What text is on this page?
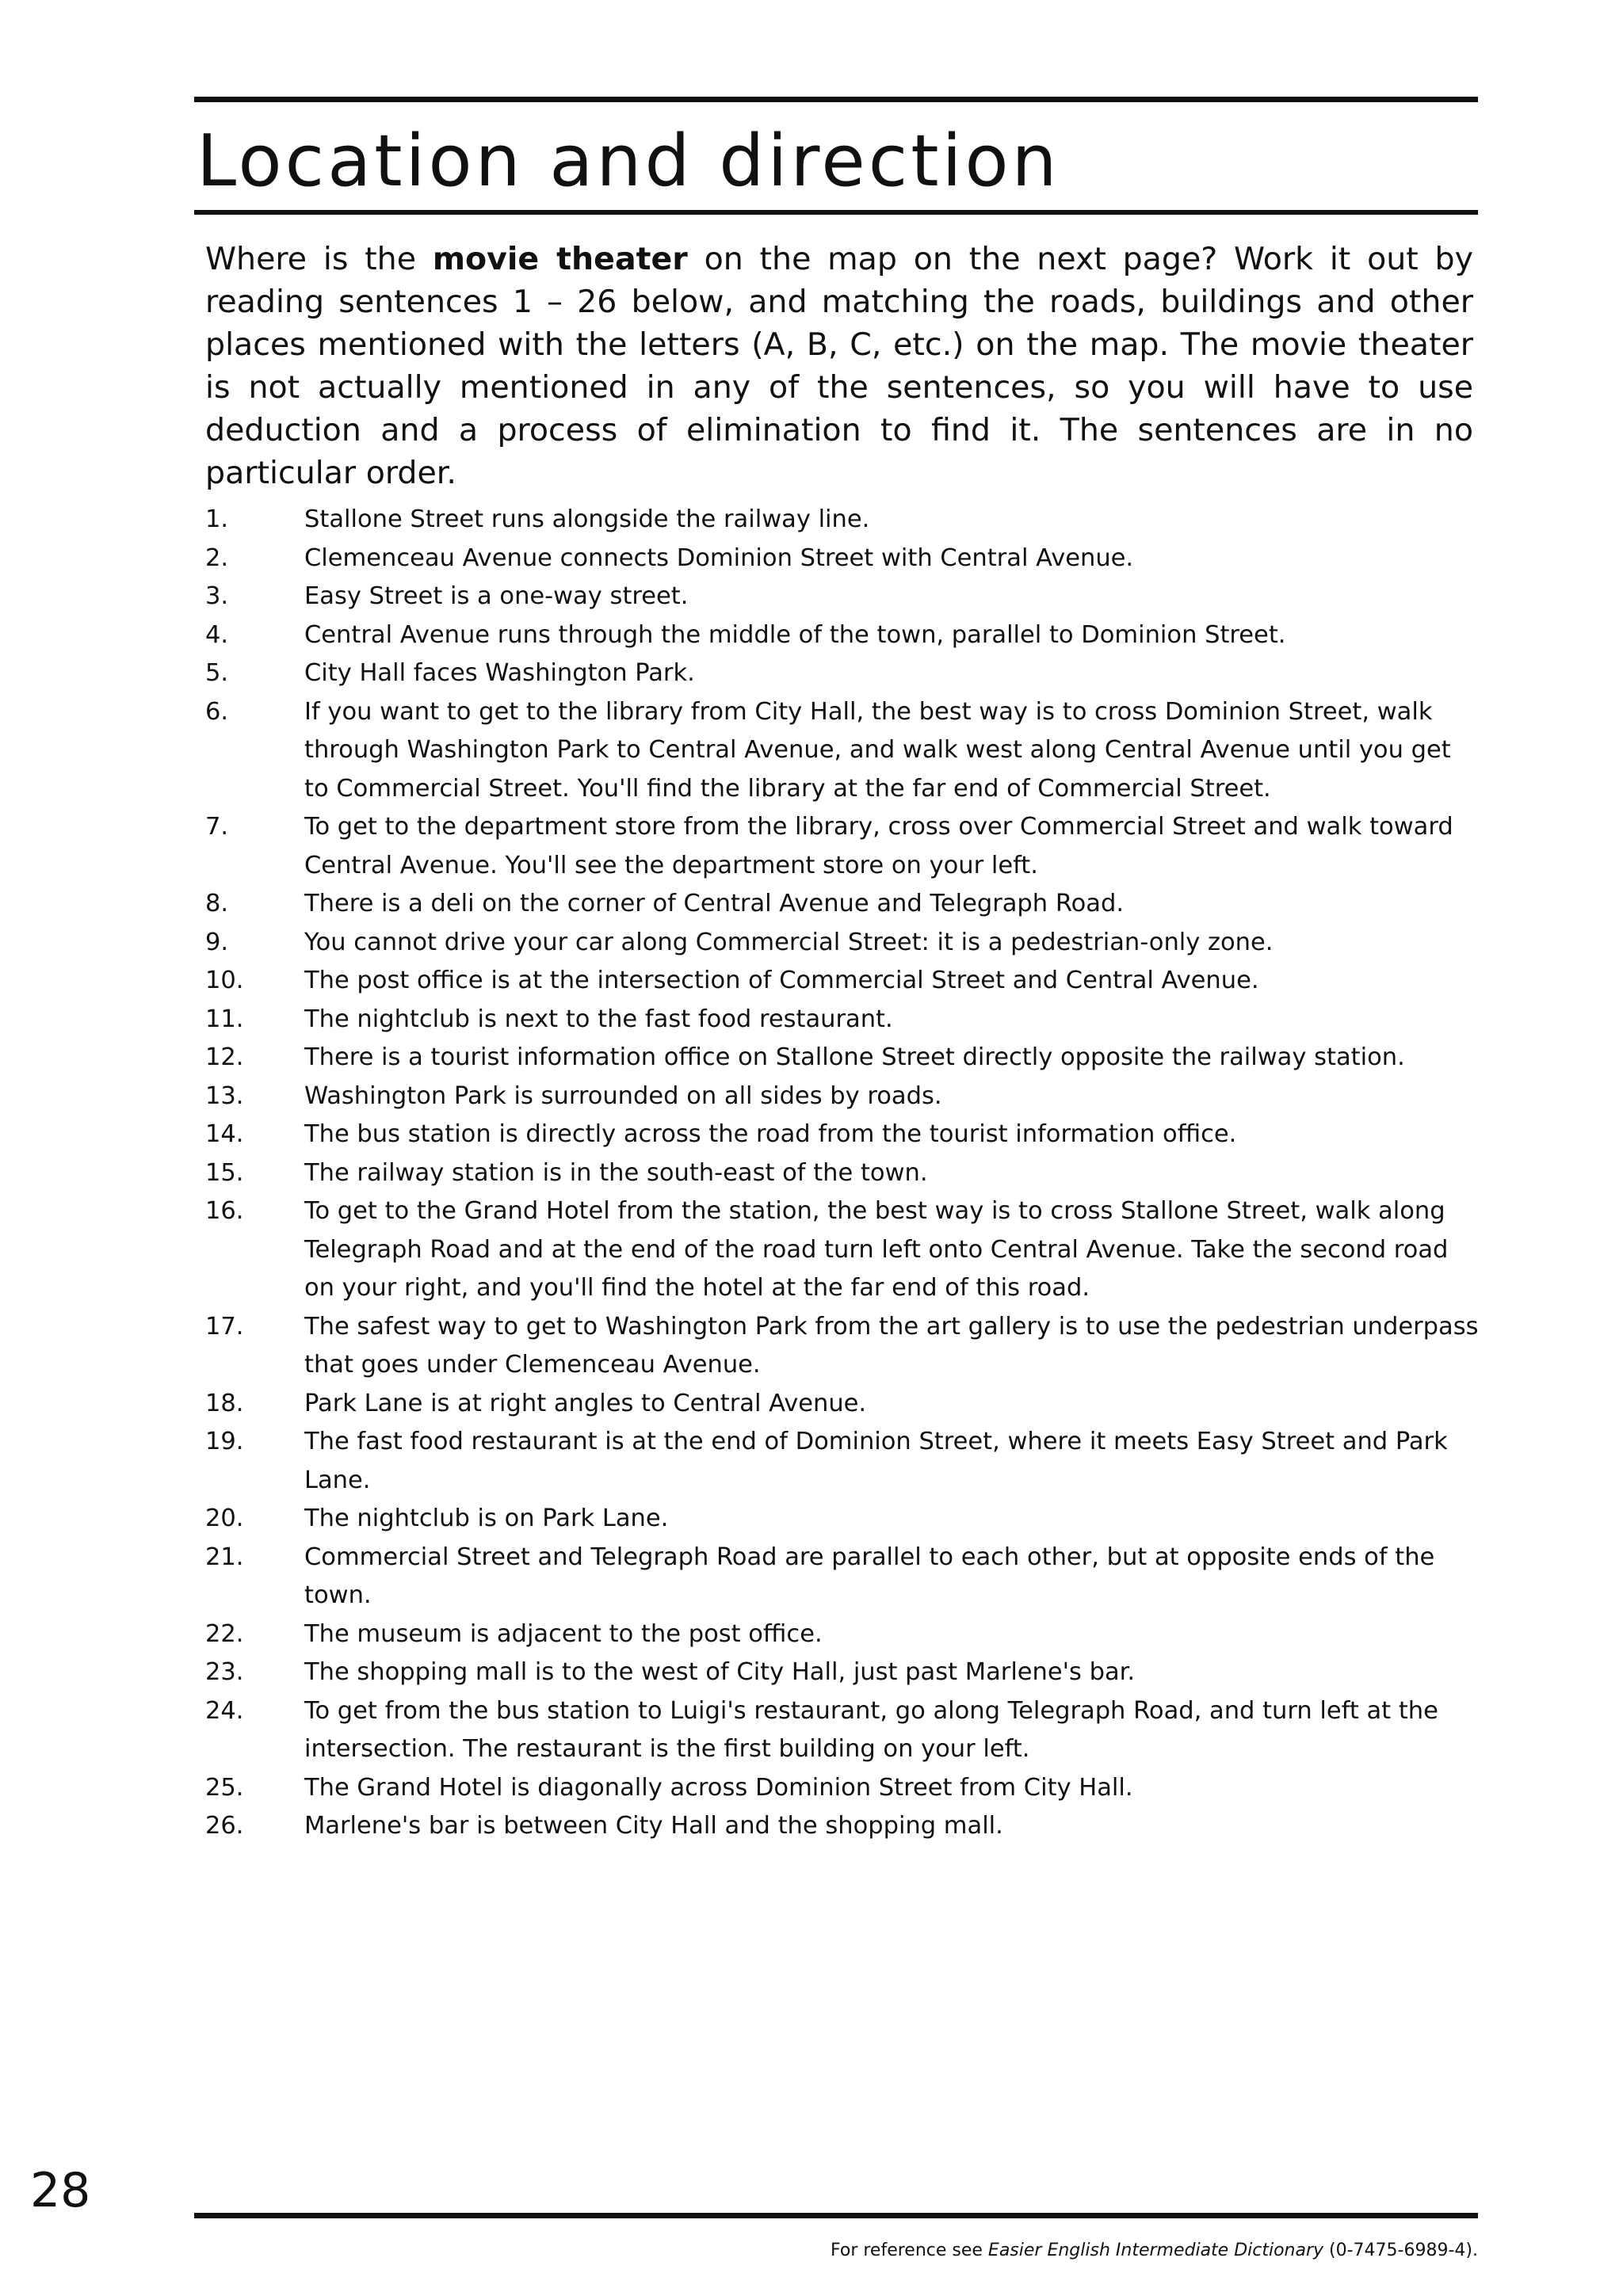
Location and direction

Where is the movie theater on the map on the next page? Work it out by reading sentences 1 – 26 below, and matching the roads, buildings and other places mentioned with the letters (A, B, C, etc.) on the map. The movie theater is not actually mentioned in any of the sentences, so you will have to use deduction and a process of elimination to find it. The sentences are in no particular order.

1.	Stallone Street runs alongside the railway line.
2.	Clemenceau Avenue connects Dominion Street with Central Avenue.
3.	Easy Street is a one-way street.
4.	Central Avenue runs through the middle of the town, parallel to Dominion Street.
5.	City Hall faces Washington Park.
6.	If you want to get to the library from City Hall, the best way is to cross Dominion Street, walk through Washington Park to Central Avenue, and walk west along Central Avenue until you get to Commercial Street. You'll find the library at the far end of Commercial Street.
7.	To get to the department store from the library, cross over Commercial Street and walk toward Central Avenue. You'll see the department store on your left.
8.	There is a deli on the corner of Central Avenue and Telegraph Road.
9.	You cannot drive your car along Commercial Street: it is a pedestrian-only zone.
10.	The post office is at the intersection of Commercial Street and Central Avenue.
11.	The nightclub is next to the fast food restaurant.
12.	There is a tourist information office on Stallone Street directly opposite the railway station.
13.	Washington Park is surrounded on all sides by roads.
14.	The bus station is directly across the road from the tourist information office.
15.	The railway station is in the south-east of the town.
16.	To get to the Grand Hotel from the station, the best way is to cross Stallone Street, walk along Telegraph Road and at the end of the road turn left onto Central Avenue. Take the second road on your right, and you'll find the hotel at the far end of this road.
17.	The safest way to get to Washington Park from the art gallery is to use the pedestrian underpass that goes under Clemenceau Avenue.
18.	Park Lane is at right angles to Central Avenue.
19.	The fast food restaurant is at the end of Dominion Street, where it meets Easy Street and Park Lane.
20.	The nightclub is on Park Lane.
21.	Commercial Street and Telegraph Road are parallel to each other, but at opposite ends of the town.
22.	The museum is adjacent to the post office.
23.	The shopping mall is to the west of City Hall, just past Marlene's bar.
24.	To get from the bus station to Luigi's restaurant, go along Telegraph Road, and turn left at the intersection. The restaurant is the first building on your left.
25.	The Grand Hotel is diagonally across Dominion Street from City Hall.
26.	Marlene's bar is between City Hall and the shopping mall.
28
For reference see Easier English Intermediate Dictionary (0-7475-6989-4).
